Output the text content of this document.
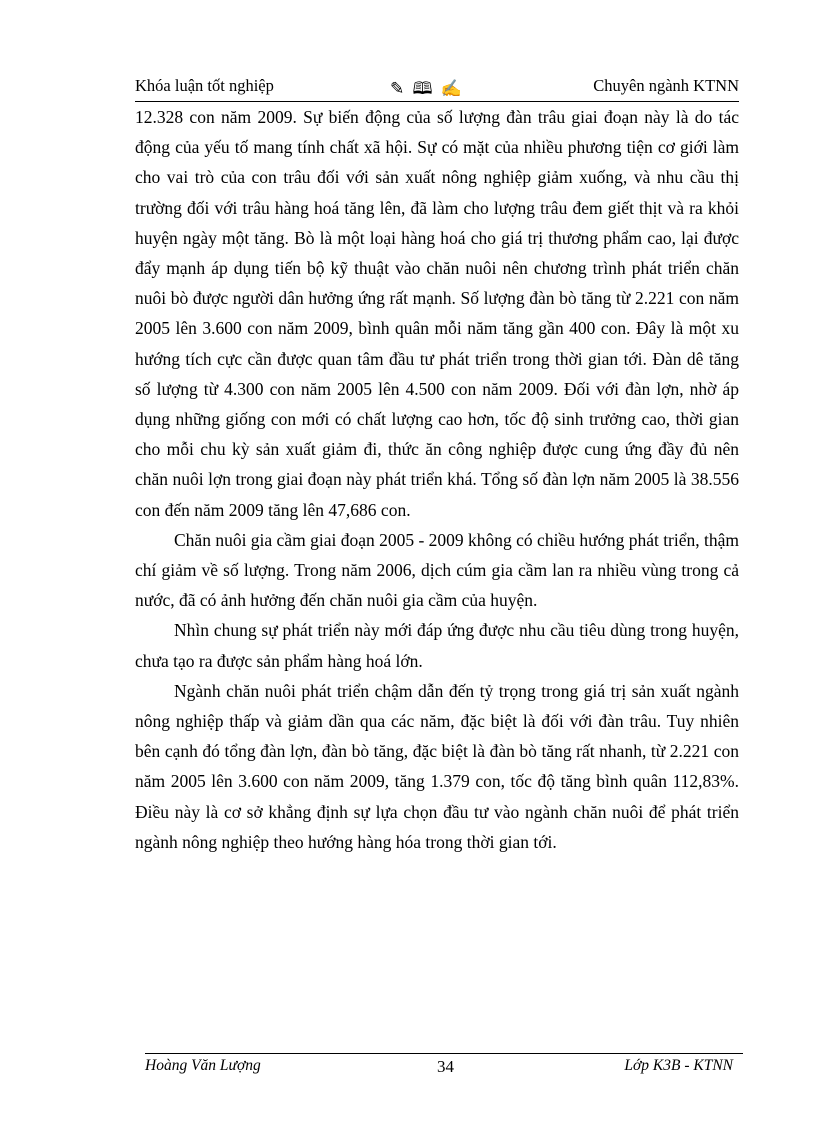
Khóa luận tốt nghiệp	✎ 🕮 ✍	Chuyên ngành KTNN

12.328 con năm 2009. Sự biến động của số lượng đàn trâu giai đoạn này là do tác động của yếu tố mang tính chất xã hội. Sự có mặt của nhiều phương tiện cơ giới làm cho vai trò của con trâu đối với sản xuất nông nghiệp giảm xuống, và nhu cầu thị trường đối với trâu hàng hoá tăng lên, đã làm cho lượng trâu đem giết thịt và ra khỏi huyện ngày một tăng. Bò là một loại hàng hoá cho giá trị thương phẩm cao, lại được đẩy mạnh áp dụng tiến bộ kỹ thuật vào chăn nuôi nên chương trình phát triển chăn nuôi bò được người dân hưởng ứng rất mạnh. Số lượng đàn bò tăng từ 2.221 con năm 2005 lên 3.600 con năm 2009, bình quân mỗi năm tăng gần 400 con. Đây là một xu hướng tích cực cần được quan tâm đầu tư phát triển trong thời gian tới. Đàn dê tăng số lượng từ 4.300 con năm 2005 lên 4.500 con năm 2009. Đối với đàn lợn, nhờ áp dụng những giống con mới có chất lượng cao hơn, tốc độ sinh trưởng cao, thời gian cho mỗi chu kỳ sản xuất giảm đi, thức ăn công nghiệp được cung ứng đầy đủ nên chăn nuôi lợn trong giai đoạn này phát triển khá. Tổng số đàn lợn năm 2005 là 38.556 con đến năm 2009 tăng lên 47,686 con.

Chăn nuôi gia cầm giai đoạn 2005 - 2009 không có chiều hướng phát triển, thậm chí giảm về số lượng. Trong năm 2006, dịch cúm gia cầm lan ra nhiều vùng trong cả nước, đã có ảnh hưởng đến chăn nuôi gia cầm của huyện.

Nhìn chung sự phát triển này mới đáp ứng được nhu cầu tiêu dùng trong huyện, chưa tạo ra được sản phẩm hàng hoá lớn.

Ngành chăn nuôi phát triển chậm dẫn đến tỷ trọng trong giá trị sản xuất ngành nông nghiệp thấp và giảm dần qua các năm, đặc biệt là đối với đàn trâu. Tuy nhiên bên cạnh đó tổng đàn lợn, đàn bò tăng, đặc biệt là đàn bò tăng rất nhanh, từ 2.221 con năm 2005 lên 3.600 con năm 2009, tăng 1.379 con, tốc độ tăng bình quân 112,83%. Điều này là cơ sở khẳng định sự lựa chọn đầu tư vào ngành chăn nuôi để phát triển ngành nông nghiệp theo hướng hàng hóa trong thời gian tới.

Hoàng Văn Lượng	34	Lớp K3B - KTNN
